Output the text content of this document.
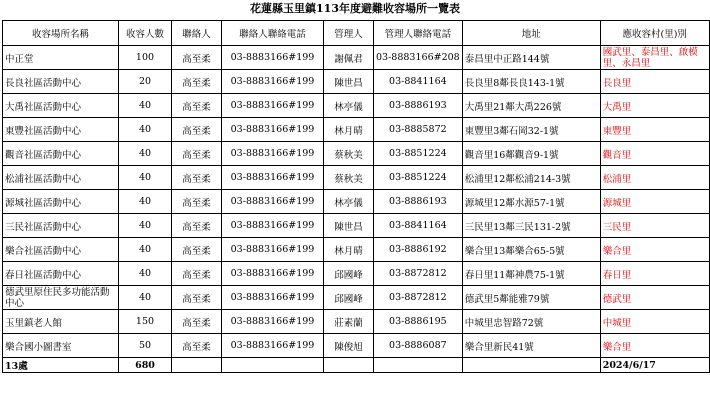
花蓮縣玉里鎮113年度避難收容場所一覽表
收容場所名稱	收容人數	聯絡人	聯絡人聯絡電話	管理人	管理人聯絡電話	地址	應收容村(里)別
中正堂	100	高至柔	03-8883166#199	謝佩君	03-8883166#208	泰昌里中正路144號	國武里、泰昌里、啟模里、永昌里
長良社區活動中心	20	高至柔	03-8883166#199	陳世昌	03-8841164	長良里8鄰長良143-1號	長良里
大禹社區活動中心	40	高至柔	03-8883166#199	林亭儀	03-8886193	大禹里21鄰大禹226號	大禹里
東豐社區活動中心	40	高至柔	03-8883166#199	林月晴	03-8885872	東豐里3鄰石岡32-1號	東豐里
觀音社區活動中心	40	高至柔	03-8883166#199	蔡秋美	03-8851224	觀音里16鄰觀音9-1號	觀音里
松浦社區活動中心	40	高至柔	03-8883166#199	蔡秋美	03-8851224	松浦里12鄰松浦214-3號	松浦里
源城社區活動中心	40	高至柔	03-8883166#199	林亭儀	03-8886193	源城里12鄰水源57-1號	源城里
三民社區活動中心	40	高至柔	03-8883166#199	陳世昌	03-8841164	三民里13鄰三民131-2號	三民里
樂合社區活動中心	40	高至柔	03-8883166#199	林月晴	03-8886192	樂合里13鄰樂合65-5號	樂合里
春日社區活動中心	40	高至柔	03-8883166#199	邱國峰	03-8872812	春日里11鄰神農75-1號	春日里
德武里原住民多功能活動中心	40	高至柔	03-8883166#199	邱國峰	03-8872812	德武里5鄰能雅79號	德武里
玉里鎮老人館	150	高至柔	03-8883166#199	莊素蘭	03-8886195	中城里忠智路72號	中城里
樂合國小圖書室	50	高至柔	03-8883166#199	陳俊旭	03-8886087	樂合里新民41號	樂合里
13處	680						2024/6/17
